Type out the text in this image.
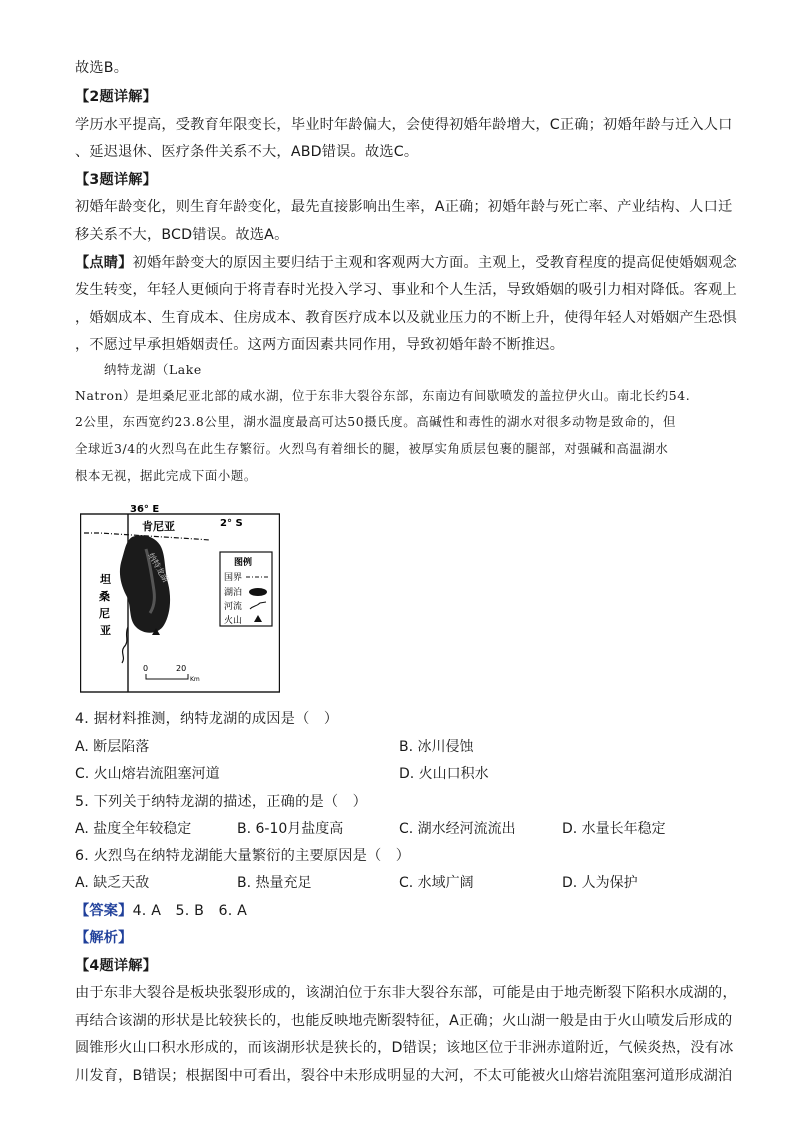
故选B。
【2题详解】
学历水平提高，受教育年限变长，毕业时年龄偏大，会使得初婚年龄增大，C正确；初婚年龄与迁入人口
、延迟退休、医疗条件关系不大，ABD错误。故选C。
【3题详解】
初婚年龄变化，则生育年龄变化，最先直接影响出生率，A正确；初婚年龄与死亡率、产业结构、人口迁
移关系不大，BCD错误。故选A。
【点睛】初婚年龄变大的原因主要归结于主观和客观两大方面。主观上，受教育程度的提高促使婚姻观念
发生转变，年轻人更倾向于将青春时光投入学习、事业和个人生活，导致婚姻的吸引力相对降低。客观上
，婚姻成本、生育成本、住房成本、教育医疗成本以及就业压力的不断上升，使得年轻人对婚姻产生恐惧
，不愿过早承担婚姻责任。这两方面因素共同作用，导致初婚年龄不断推迟。
纳特龙湖（Lake
Natron）是坦桑尼亚北部的咸水湖，位于东非大裂谷东部，东南边有间歇喷发的盖拉伊火山。南北长约54.
2公里，东西宽约23.8公里，湖水温度最高可达50摄氏度。高碱性和毒性的湖水对很多动物是致命的，但
全球近3/4的火烈鸟在此生存繁衍。火烈鸟有着细长的腿，被厚实角质层包裹的腿部，对强碱和高温湖水
根本无视，据此完成下面小题。
36° E
2° S
肯尼亚
纳特龙湖
坦
桑
尼
亚
图例
国界
湖泊
河流
火山
0	20
Km
4. 据材料推测，纳特龙湖的成因是（　）
A. 断层陷落	B. 冰川侵蚀
C. 火山熔岩流阻塞河道	D. 火山口积水
5. 下列关于纳特龙湖的描述，正确的是（　）
A. 盐度全年较稳定	B. 6-10月盐度高	C. 湖水经河流流出	D. 水量长年稳定
6. 火烈鸟在纳特龙湖能大量繁衍的主要原因是（　）
A. 缺乏天敌	B. 热量充足	C. 水域广阔	D. 人为保护
【答案】4. A　5. B　6. A
【解析】
【4题详解】
由于东非大裂谷是板块张裂形成的，该湖泊位于东非大裂谷东部，可能是由于地壳断裂下陷积水成湖的，
再结合该湖的形状是比较狭长的，也能反映地壳断裂特征，A正确；火山湖一般是由于火山喷发后形成的
圆锥形火山口积水形成的，而该湖形状是狭长的，D错误；该地区位于非洲赤道附近，气候炎热，没有冰
川发育，B错误；根据图中可看出，裂谷中未形成明显的大河，不太可能被火山熔岩流阻塞河道形成湖泊
